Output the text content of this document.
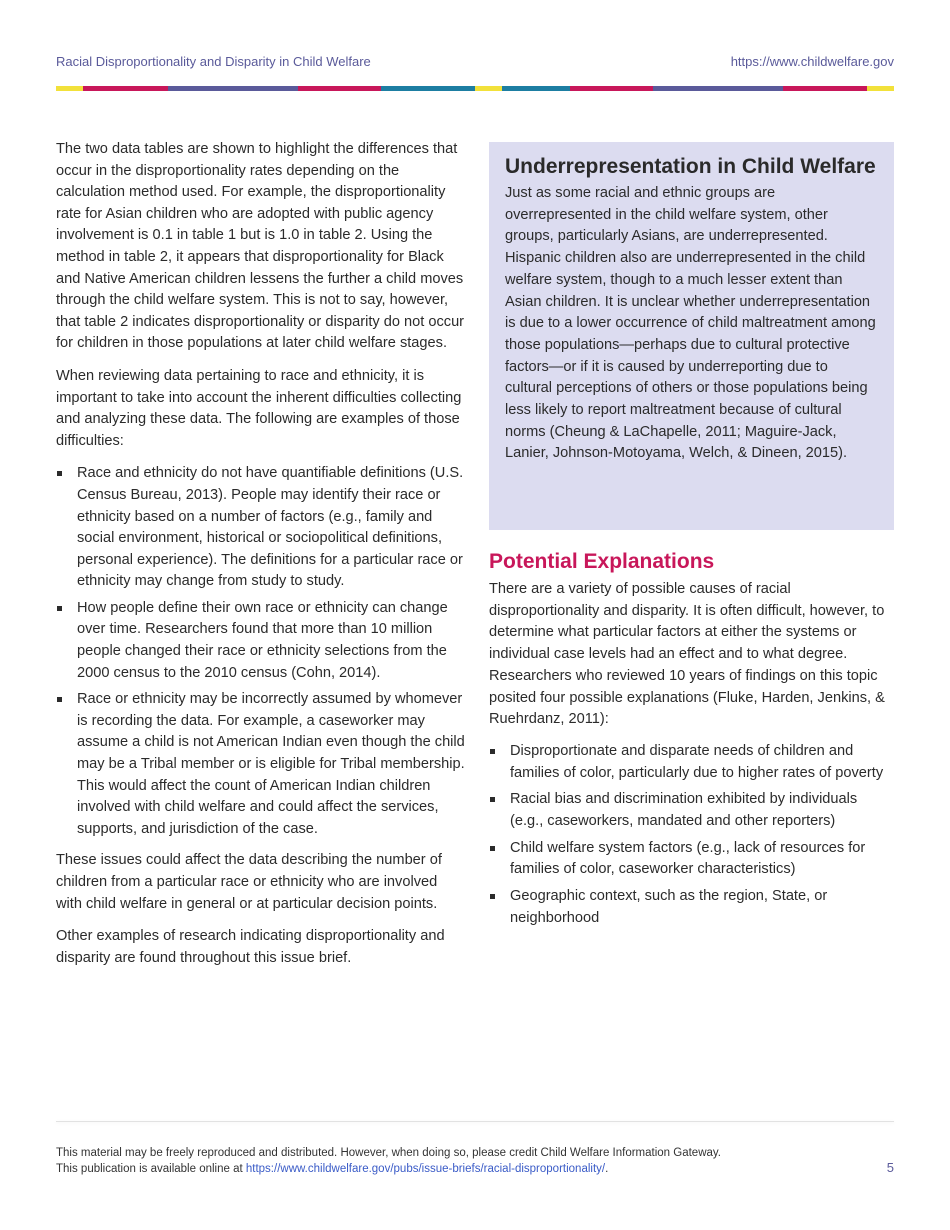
Racial Disproportionality and Disparity in Child Welfare	https://www.childwelfare.gov

The two data tables are shown to highlight the differences that occur in the disproportionality rates depending on the calculation method used. For example, the disproportionality rate for Asian children who are adopted with public agency involvement is 0.1 in table 1 but is 1.0 in table 2. Using the method in table 2, it appears that disproportionality for Black and Native American children lessens the further a child moves through the child welfare system. This is not to say, however, that table 2 indicates disproportionality or disparity do not occur for children in those populations at later child welfare stages.

When reviewing data pertaining to race and ethnicity, it is important to take into account the inherent difficulties collecting and analyzing these data. The following are examples of those difficulties:

Race and ethnicity do not have quantifiable definitions (U.S. Census Bureau, 2013). People may identify their race or ethnicity based on a number of factors (e.g., family and social environment, historical or sociopolitical definitions, personal experience). The definitions for a particular race or ethnicity may change from study to study.
How people define their own race or ethnicity can change over time. Researchers found that more than 10 million people changed their race or ethnicity selections from the 2000 census to the 2010 census (Cohn, 2014).
Race or ethnicity may be incorrectly assumed by whomever is recording the data. For example, a caseworker may assume a child is not American Indian even though the child may be a Tribal member or is eligible for Tribal membership. This would affect the count of American Indian children involved with child welfare and could affect the services, supports, and jurisdiction of the case.

These issues could affect the data describing the number of children from a particular race or ethnicity who are involved with child welfare in general or at particular decision points.

Other examples of research indicating disproportionality and disparity are found throughout this issue brief.

Underrepresentation in Child Welfare

Just as some racial and ethnic groups are overrepresented in the child welfare system, other groups, particularly Asians, are underrepresented. Hispanic children also are underrepresented in the child welfare system, though to a much lesser extent than Asian children. It is unclear whether underrepresentation is due to a lower occurrence of child maltreatment among those populations—perhaps due to cultural protective factors—or if it is caused by underreporting due to cultural perceptions of others or those populations being less likely to report maltreatment because of cultural norms (Cheung & LaChapelle, 2011; Maguire-Jack, Lanier, Johnson-Motoyama, Welch, & Dineen, 2015).

Potential Explanations

There are a variety of possible causes of racial disproportionality and disparity. It is often difficult, however, to determine what particular factors at either the systems or individual case levels had an effect and to what degree. Researchers who reviewed 10 years of findings on this topic posited four possible explanations (Fluke, Harden, Jenkins, & Ruehrdanz, 2011):

Disproportionate and disparate needs of children and families of color, particularly due to higher rates of poverty
Racial bias and discrimination exhibited by individuals (e.g., caseworkers, mandated and other reporters)
Child welfare system factors (e.g., lack of resources for families of color, caseworker characteristics)
Geographic context, such as the region, State, or neighborhood
This material may be freely reproduced and distributed. However, when doing so, please credit Child Welfare Information Gateway.
This publication is available online at https://www.childwelfare.gov/pubs/issue-briefs/racial-disproportionality/.	5
